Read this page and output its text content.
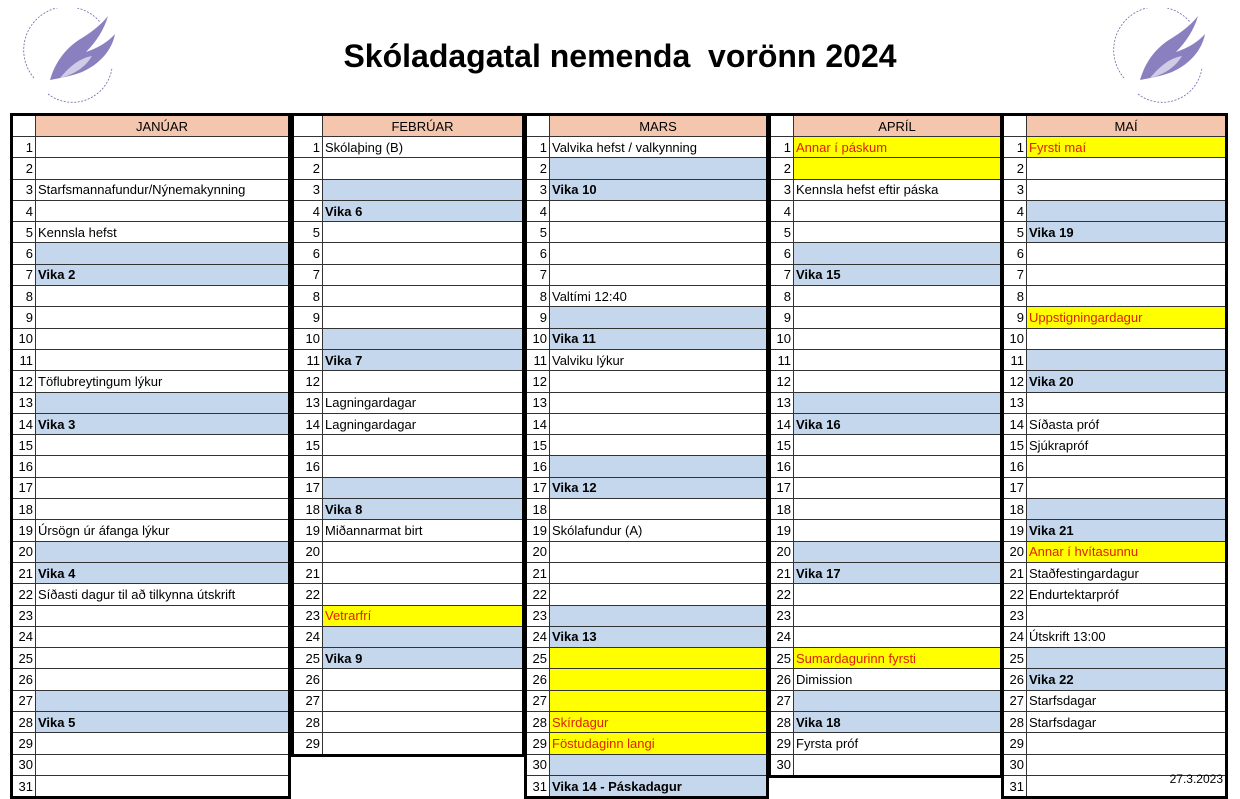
Skóladagatal nemenda  vorönn 2024
	JANÚAR
1	
2	
3	Starfsmannafundur/Nýnemakynning
4	
5	Kennsla hefst
6	
7	Vika 2
8	
9	
10	
11	
12	Töflubreytingum lýkur
13	
14	Vika 3
15	
16	
17	
18	
19	Úrsögn úr áfanga lýkur
20	
21	Vika 4
22	Síðasti dagur til að tilkynna útskrift
23	
24	
25	
26	
27	
28	Vika 5
29	
30	
31	
	FEBRÚAR
1	Skólaþing (B)
2	
3	
4	Vika 6
5	
6	
7	
8	
9	
10	
11	Vika 7
12	
13	Lagningardagar
14	Lagningardagar
15	
16	
17	
18	Vika 8
19	Miðannarmat birt
20	
21	
22	
23	Vetrarfrí
24	
25	Vika 9
26	
27	
28	
29	
	MARS
1	Valvika hefst / valkynning
2	
3	Vika 10
4	
5	
6	
7	
8	Valtími 12:40
9	
10	Vika 11
11	Valviku lýkur
12	
13	
14	
15	
16	
17	Vika 12
18	
19	Skólafundur (A)
20	
21	
22	
23	
24	Vika 13
25	
26	
27	
28	Skírdagur
29	Föstudaginn langi
30	
31	Vika 14 - Páskadagur
	APRÍL
1	Annar í páskum
2	
3	Kennsla hefst eftir páska
4	
5	
6	
7	Vika 15
8	
9	
10	
11	
12	
13	
14	Vika 16
15	
16	
17	
18	
19	
20	
21	Vika 17
22	
23	
24	
25	Sumardagurinn fyrsti
26	Dimission
27	
28	Vika 18
29	Fyrsta próf
30	
	MAÍ
1	Fyrsti maí
2	
3	
4	
5	Vika 19
6	
7	
8	
9	Uppstigningardagur
10	
11	
12	Vika 20
13	
14	Síðasta próf
15	Sjúkrapróf
16	
17	
18	
19	Vika 21
20	Annar í hvítasunnu
21	Staðfestingardagur
22	Endurtektarpróf
23	
24	Útskrift 13:00
25	
26	Vika 22
27	Starfsdagar
28	Starfsdagar
29	
30	
31		27.3.2023
